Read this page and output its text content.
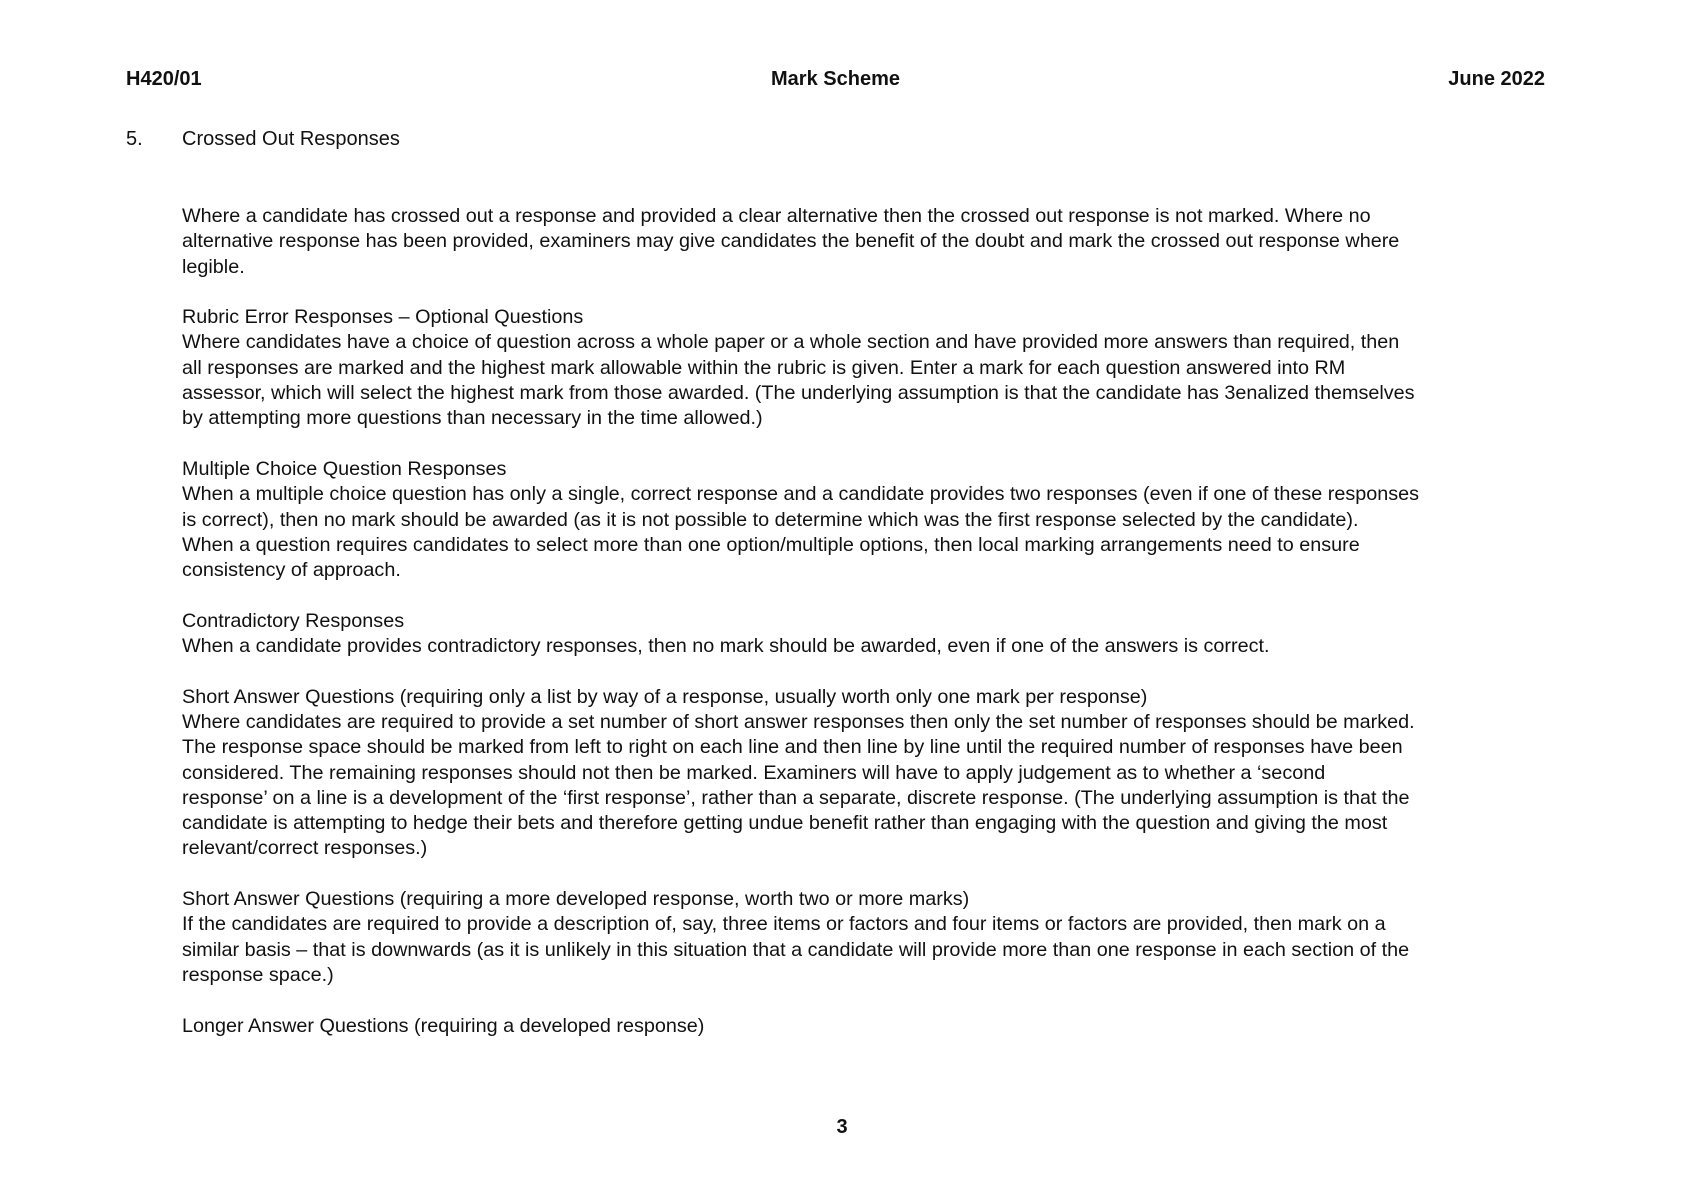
H420/01	Mark Scheme	June 2022
5. Crossed Out Responses

Where a candidate has crossed out a response and provided a clear alternative then the crossed out response is not marked. Where no

alternative response has been provided, examiners may give candidates the benefit of the doubt and mark the crossed out response where

legible.

Rubric Error Responses – Optional Questions

Where candidates have a choice of question across a whole paper or a whole section and have provided more answers than required, then

all responses are marked and the highest mark allowable within the rubric is given. Enter a mark for each question answered into RM

assessor, which will select the highest mark from those awarded. (The underlying assumption is that the candidate has 3enalized themselves

by attempting more questions than necessary in the time allowed.)

Multiple Choice Question Responses

When a multiple choice question has only a single, correct response and a candidate provides two responses (even if one of these responses

is correct), then no mark should be awarded (as it is not possible to determine which was the first response selected by the candidate).

When a question requires candidates to select more than one option/multiple options, then local marking arrangements need to ensure

consistency of approach.

Contradictory Responses

When a candidate provides contradictory responses, then no mark should be awarded, even if one of the answers is correct.

Short Answer Questions (requiring only a list by way of a response, usually worth only one mark per response)

Where candidates are required to provide a set number of short answer responses then only the set number of responses should be marked.

The response space should be marked from left to right on each line and then line by line until the required number of responses have been

considered. The remaining responses should not then be marked. Examiners will have to apply judgement as to whether a ‘second

response’ on a line is a development of the ‘first response’, rather than a separate, discrete response. (The underlying assumption is that the

candidate is attempting to hedge their bets and therefore getting undue benefit rather than engaging with the question and giving the most

relevant/correct responses.)

Short Answer Questions (requiring a more developed response, worth two or more marks)

If the candidates are required to provide a description of, say, three items or factors and four items or factors are provided, then mark on a

similar basis – that is downwards (as it is unlikely in this situation that a candidate will provide more than one response in each section of the

response space.)

Longer Answer Questions (requiring a developed response)

3
